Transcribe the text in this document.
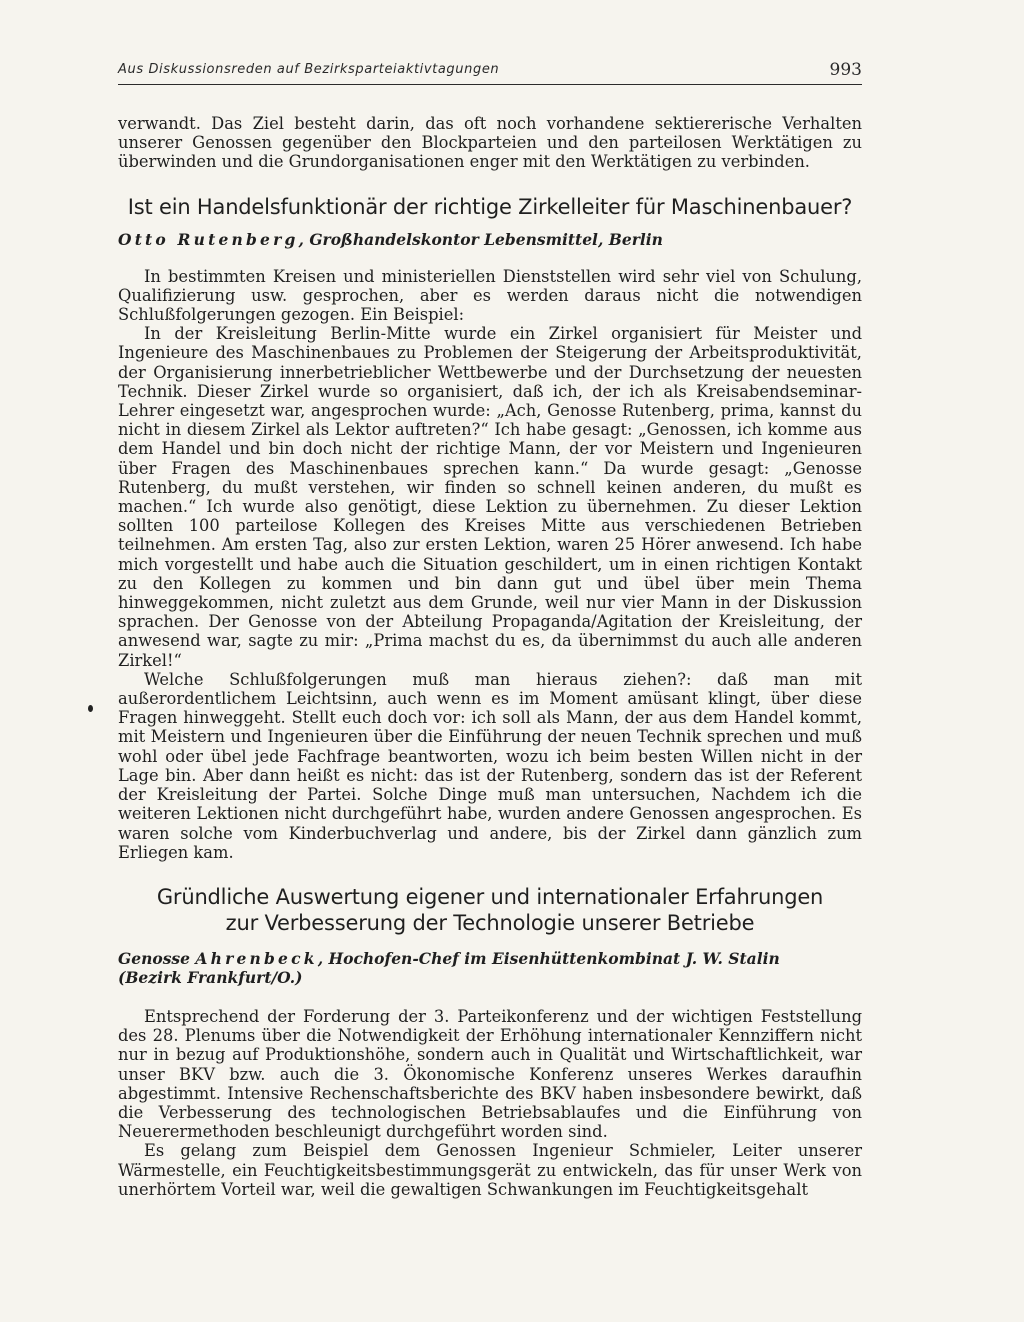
Aus Diskussionsreden auf Bezirksparteiaktivtagungen	993

verwandt. Das Ziel besteht darin, das oft noch vorhandene sektiererische Verhalten unserer Genossen gegenüber den Blockparteien und den parteilosen Werktätigen zu überwinden und die Grundorganisationen enger mit den Werktätigen zu verbinden.

Ist ein Handelsfunktionär der richtige Zirkelleiter für Maschinenbauer?

Otto Rutenberg, Großhandelskontor Lebensmittel, Berlin

In bestimmten Kreisen und ministeriellen Dienststellen wird sehr viel von Schulung, Qualifizierung usw. gesprochen, aber es werden daraus nicht die notwendigen Schlußfolgerungen gezogen. Ein Beispiel:

In der Kreisleitung Berlin-Mitte wurde ein Zirkel organisiert für Meister und Ingenieure des Maschinenbaues zu Problemen der Steigerung der Arbeitsproduktivität, der Organisierung innerbetrieblicher Wettbewerbe und der Durchsetzung der neuesten Technik. Dieser Zirkel wurde so organisiert, daß ich, der ich als Kreisabendseminar-Lehrer eingesetzt war, angesprochen wurde: „Ach, Genosse Rutenberg, prima, kannst du nicht in diesem Zirkel als Lektor auftreten?“ Ich habe gesagt: „Genossen, ich komme aus dem Handel und bin doch nicht der richtige Mann, der vor Meistern und Ingenieuren über Fragen des Maschinenbaues sprechen kann.“ Da wurde gesagt: „Genosse Rutenberg, du mußt verstehen, wir finden so schnell keinen anderen, du mußt es machen.“ Ich wurde also genötigt, diese Lektion zu übernehmen. Zu dieser Lektion sollten 100 parteilose Kollegen des Kreises Mitte aus verschiedenen Betrieben teilnehmen. Am ersten Tag, also zur ersten Lektion, waren 25 Hörer anwesend. Ich habe mich vorgestellt und habe auch die Situation geschildert, um in einen richtigen Kontakt zu den Kollegen zu kommen und bin dann gut und übel über mein Thema hinweggekommen, nicht zuletzt aus dem Grunde, weil nur vier Mann in der Diskussion sprachen. Der Genosse von der Abteilung Propaganda/Agitation der Kreisleitung, der anwesend war, sagte zu mir: „Prima machst du es, da übernimmst du auch alle anderen Zirkel!“

Welche Schlußfolgerungen muß man hieraus ziehen?: daß man mit außerordentlichem Leichtsinn, auch wenn es im Moment amüsant klingt, über diese Fragen hinweggeht. Stellt euch doch vor: ich soll als Mann, der aus dem Handel kommt, mit Meistern und Ingenieuren über die Einführung der neuen Technik sprechen und muß wohl oder übel jede Fachfrage beantworten, wozu ich beim besten Willen nicht in der Lage bin. Aber dann heißt es nicht: das ist der Rutenberg, sondern das ist der Referent der Kreisleitung der Partei. Solche Dinge muß man untersuchen, Nachdem ich die weiteren Lektionen nicht durchgeführt habe, wurden andere Genossen angesprochen. Es waren solche vom Kinderbuchverlag und andere, bis der Zirkel dann gänzlich zum Erliegen kam.

Gründliche Auswertung eigener und internationaler Erfahrungen
zur Verbesserung der Technologie unserer Betriebe

Genosse Ahrenbeck, Hochofen-Chef im Eisenhüttenkombinat J. W. Stalin
(Bezirk Frankfurt/O.)

Entsprechend der Forderung der 3. Parteikonferenz und der wichtigen Feststellung des 28. Plenums über die Notwendigkeit der Erhöhung internationaler Kennziffern nicht nur in bezug auf Produktionshöhe, sondern auch in Qualität und Wirtschaftlichkeit, war unser BKV bzw. auch die 3. Ökonomische Konferenz unseres Werkes daraufhin abgestimmt. Intensive Rechenschaftsberichte des BKV haben insbesondere bewirkt, daß die Verbesserung des technologischen Betriebsablaufes und die Einführung von Neuerermethoden beschleunigt durchgeführt worden sind.

Es gelang zum Beispiel dem Genossen Ingenieur Schmieler, Leiter unserer Wärmestelle, ein Feuchtigkeitsbestimmungsgerät zu entwickeln, das für unser Werk von unerhörtem Vorteil war, weil die gewaltigen Schwankungen im Feuchtigkeitsgehalt
